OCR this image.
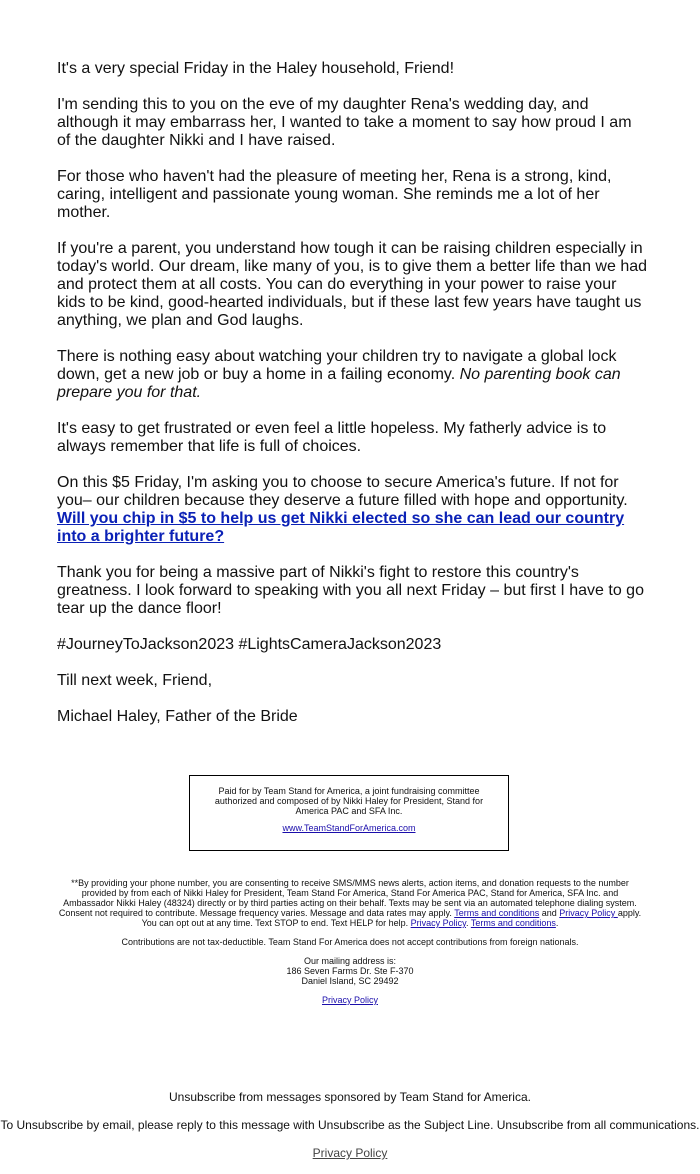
It's a very special Friday in the Haley household, Friend!

I'm sending this to you on the eve of my daughter Rena's wedding day, and although it may embarrass her, I wanted to take a moment to say how proud I am of the daughter Nikki and I have raised.

For those who haven't had the pleasure of meeting her, Rena is a strong, kind, caring, intelligent and passionate young woman. She reminds me a lot of her mother.

If you're a parent, you understand how tough it can be raising children especially in today's world. Our dream, like many of you, is to give them a better life than we had and protect them at all costs. You can do everything in your power to raise your kids to be kind, good-hearted individuals, but if these last few years have taught us anything, we plan and God laughs.

There is nothing easy about watching your children try to navigate a global lock down, get a new job or buy a home in a failing economy. No parenting book can prepare you for that.

It's easy to get frustrated or even feel a little hopeless. My fatherly advice is to always remember that life is full of choices.

On this $5 Friday, I'm asking you to choose to secure America's future. If not for you– our children because they deserve a future filled with hope and opportunity.
Will you chip in $5 to help us get Nikki elected so she can lead our country into a brighter future?

Thank you for being a massive part of Nikki's fight to restore this country's greatness. I look forward to speaking with you all next Friday – but first I have to go tear up the dance floor!

#JourneyToJackson2023 #LightsCameraJackson2023

Till next week, Friend,

Michael Haley, Father of the Bride

Paid for by Team Stand for America, a joint fundraising committee authorized and composed of by Nikki Haley for President, Stand for America PAC and SFA Inc.

www.TeamStandForAmerica.com

**By providing your phone number, you are consenting to receive SMS/MMS news alerts, action items, and donation requests to the number provided by from each of Nikki Haley for President, Team Stand For America, Stand For America PAC, Stand for America, SFA Inc. and Ambassador Nikki Haley (48324) directly or by third parties acting on their behalf. Texts may be sent via an automated telephone dialing system. Consent not required to contribute. Message frequency varies. Message and data rates may apply. Terms and conditions and Privacy Policy apply. You can opt out at any time. Text STOP to end. Text HELP for help. Privacy Policy. Terms and conditions.

Contributions are not tax-deductible. Team Stand For America does not accept contributions from foreign nationals.

Our mailing address is:
186 Seven Farms Dr. Ste F-370
Daniel Island, SC 29492

Privacy Policy

Unsubscribe from messages sponsored by Team Stand for America.

To Unsubscribe by email, please reply to this message with Unsubscribe as the Subject Line. Unsubscribe from all communications.

Privacy Policy
